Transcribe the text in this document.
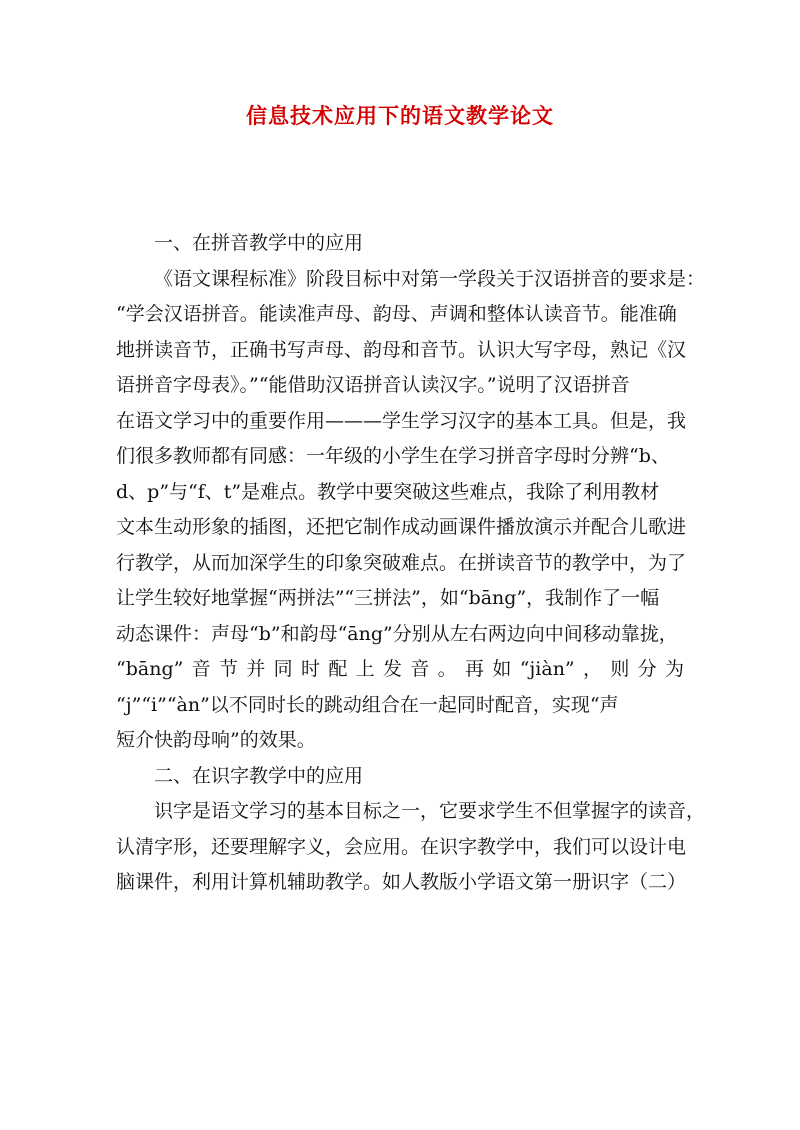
信息技术应用下的语文教学论文

一、在拼音教学中的应用

《语文课程标准》阶段目标中对第一学段关于汉语拼音的要求是：
“学会汉语拼音。能读准声母、韵母、声调和整体认读音节。能准确
地拼读音节，正确书写声母、韵母和音节。认识大写字母，熟记《汉
语拼音字母表》。”“能借助汉语拼音认读汉字。”说明了汉语拼音
在语文学习中的重要作用———学生学习汉字的基本工具。但是，我
们很多教师都有同感：一年级的小学生在学习拼音字母时分辨“b、
d、p”与“f、t”是难点。教学中要突破这些难点，我除了利用教材
文本生动形象的插图，还把它制作成动画课件播放演示并配合儿歌进
行教学，从而加深学生的印象突破难点。在拼读音节的教学中，为了
让学生较好地掌握“两拼法”“三拼法”，如“bāng”，我制作了一幅
动态课件：声母“b”和韵母“āng”分别从左右两边向中间移动靠拢，
“bāng”音节并同时配上发音。再如“jiàn”，则分为
“j”“i”“àn”以不同时长的跳动组合在一起同时配音，实现“声
短介快韵母响”的效果。

二、在识字教学中的应用

识字是语文学习的基本目标之一，它要求学生不但掌握字的读音，
认清字形，还要理解字义，会应用。在识字教学中，我们可以设计电
脑课件，利用计算机辅助教学。如人教版小学语文第一册识字（二）
